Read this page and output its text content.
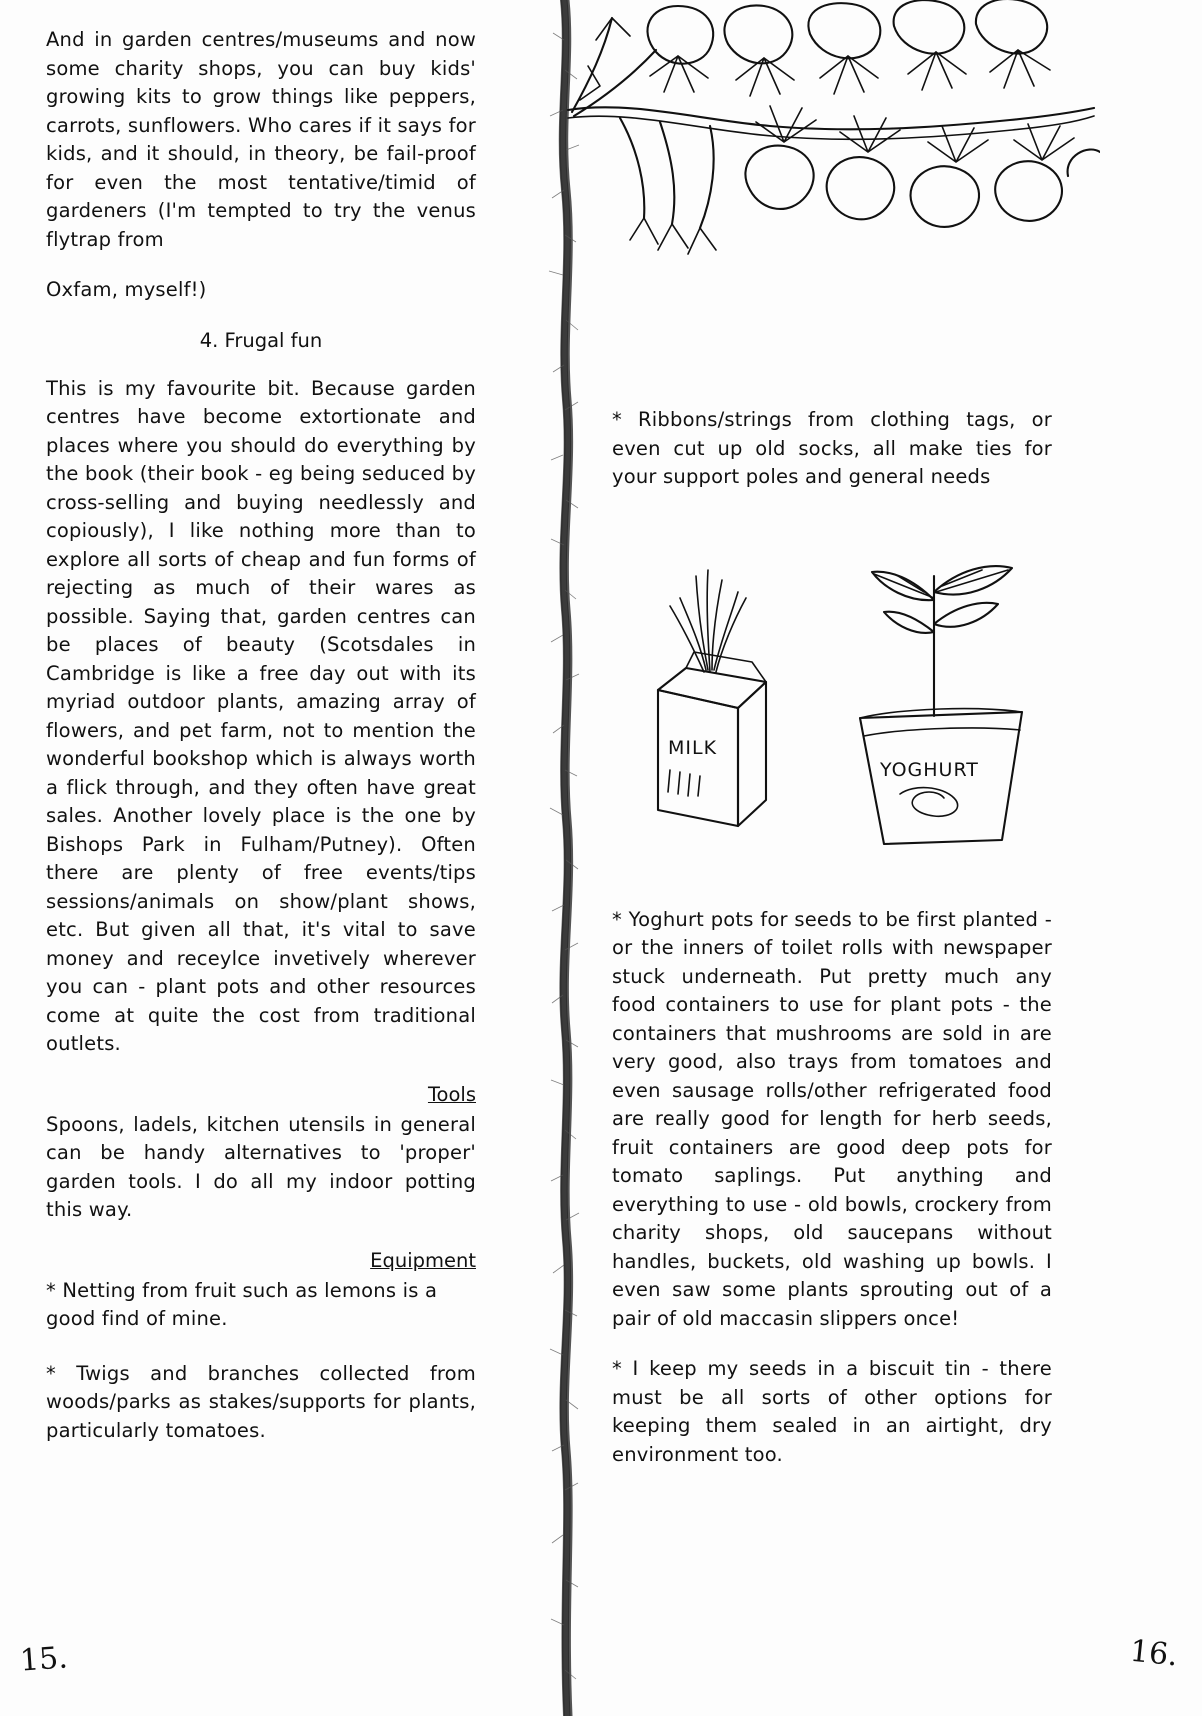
And in garden centres/museums and now some charity shops, you can buy kids' growing kits to grow things like peppers, carrots, sunflowers. Who cares if it says for kids, and it should, in theory, be fail-proof for even the most tentative/timid of gardeners (I'm tempted to try the venus flytrap from

Oxfam, myself!)

4. Frugal fun

This is my favourite bit. Because garden centres have become extortionate and places where you should do everything by the book (their book - eg being seduced by cross-selling and buying needlessly and copiously), I like nothing more than to explore all sorts of cheap and fun forms of rejecting as much of their wares as possible. Saying that, garden centres can be places of beauty (Scotsdales in Cambridge is like a free day out with its myriad outdoor plants, amazing array of flowers, and pet farm, not to mention the wonderful bookshop which is always worth a flick through, and they often have great sales. Another lovely place is the one by Bishops Park in Fulham/Putney). Often there are plenty of free events/tips sessions/animals on show/plant shows, etc. But given all that, it's vital to save money and receylce invetively wherever you can - plant pots and other resources come at quite the cost from traditional outlets.

Tools

Spoons, ladels, kitchen utensils in general can be handy alternatives to 'proper' garden tools. I do all my indoor potting this way.

Equipment

* Netting from fruit such as lemons is a good find of mine.

* Twigs and branches collected from woods/parks as stakes/supports for plants, particularly tomatoes.

MILK
YOGHURT

* Ribbons/strings from clothing tags, or even cut up old socks, all make ties for your support poles and general needs

* Yoghurt pots for seeds to be first planted - or the inners of toilet rolls with newspaper stuck underneath. Put pretty much any food containers to use for plant pots - the containers that mushrooms are sold in are very good, also trays from tomatoes and even sausage rolls/other refrigerated food are really good for length for herb seeds, fruit containers are good deep pots for tomato saplings. Put anything and everything to use - old bowls, crockery from charity shops, old saucepans without handles, buckets, old washing up bowls. I even saw some plants sprouting out of a pair of old maccasin slippers once!

* I keep my seeds in a biscuit tin - there must be all sorts of other options for keeping them sealed in an airtight, dry environment too.

15.	16.
